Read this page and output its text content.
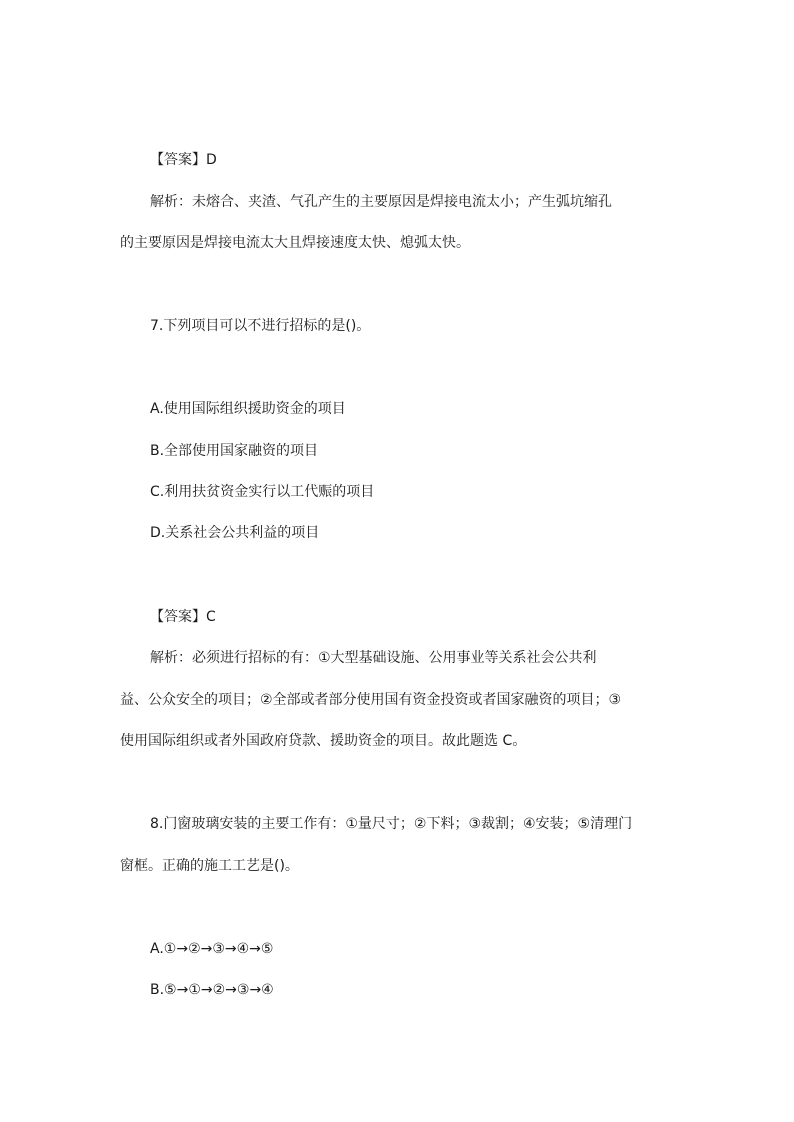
【答案】D
解析：未熔合、夹渣、气孔产生的主要原因是焊接电流太小；产生弧坑缩孔
的主要原因是焊接电流太大且焊接速度太快、熄弧太快。
7.下列项目可以不进行招标的是()。
A.使用国际组织援助资金的项目
B.全部使用国家融资的项目
C.利用扶贫资金实行以工代赈的项目
D.关系社会公共利益的项目
【答案】C
解析：必须进行招标的有：①大型基础设施、公用事业等关系社会公共利
益、公众安全的项目；②全部或者部分使用国有资金投资或者国家融资的项目；③
使用国际组织或者外国政府贷款、援助资金的项目。故此题选 C。
8.门窗玻璃安装的主要工作有：①量尺寸；②下料；③裁割；④安装；⑤清理门
窗框。正确的施工工艺是()。
A.①→②→③→④→⑤
B.⑤→①→②→③→④
